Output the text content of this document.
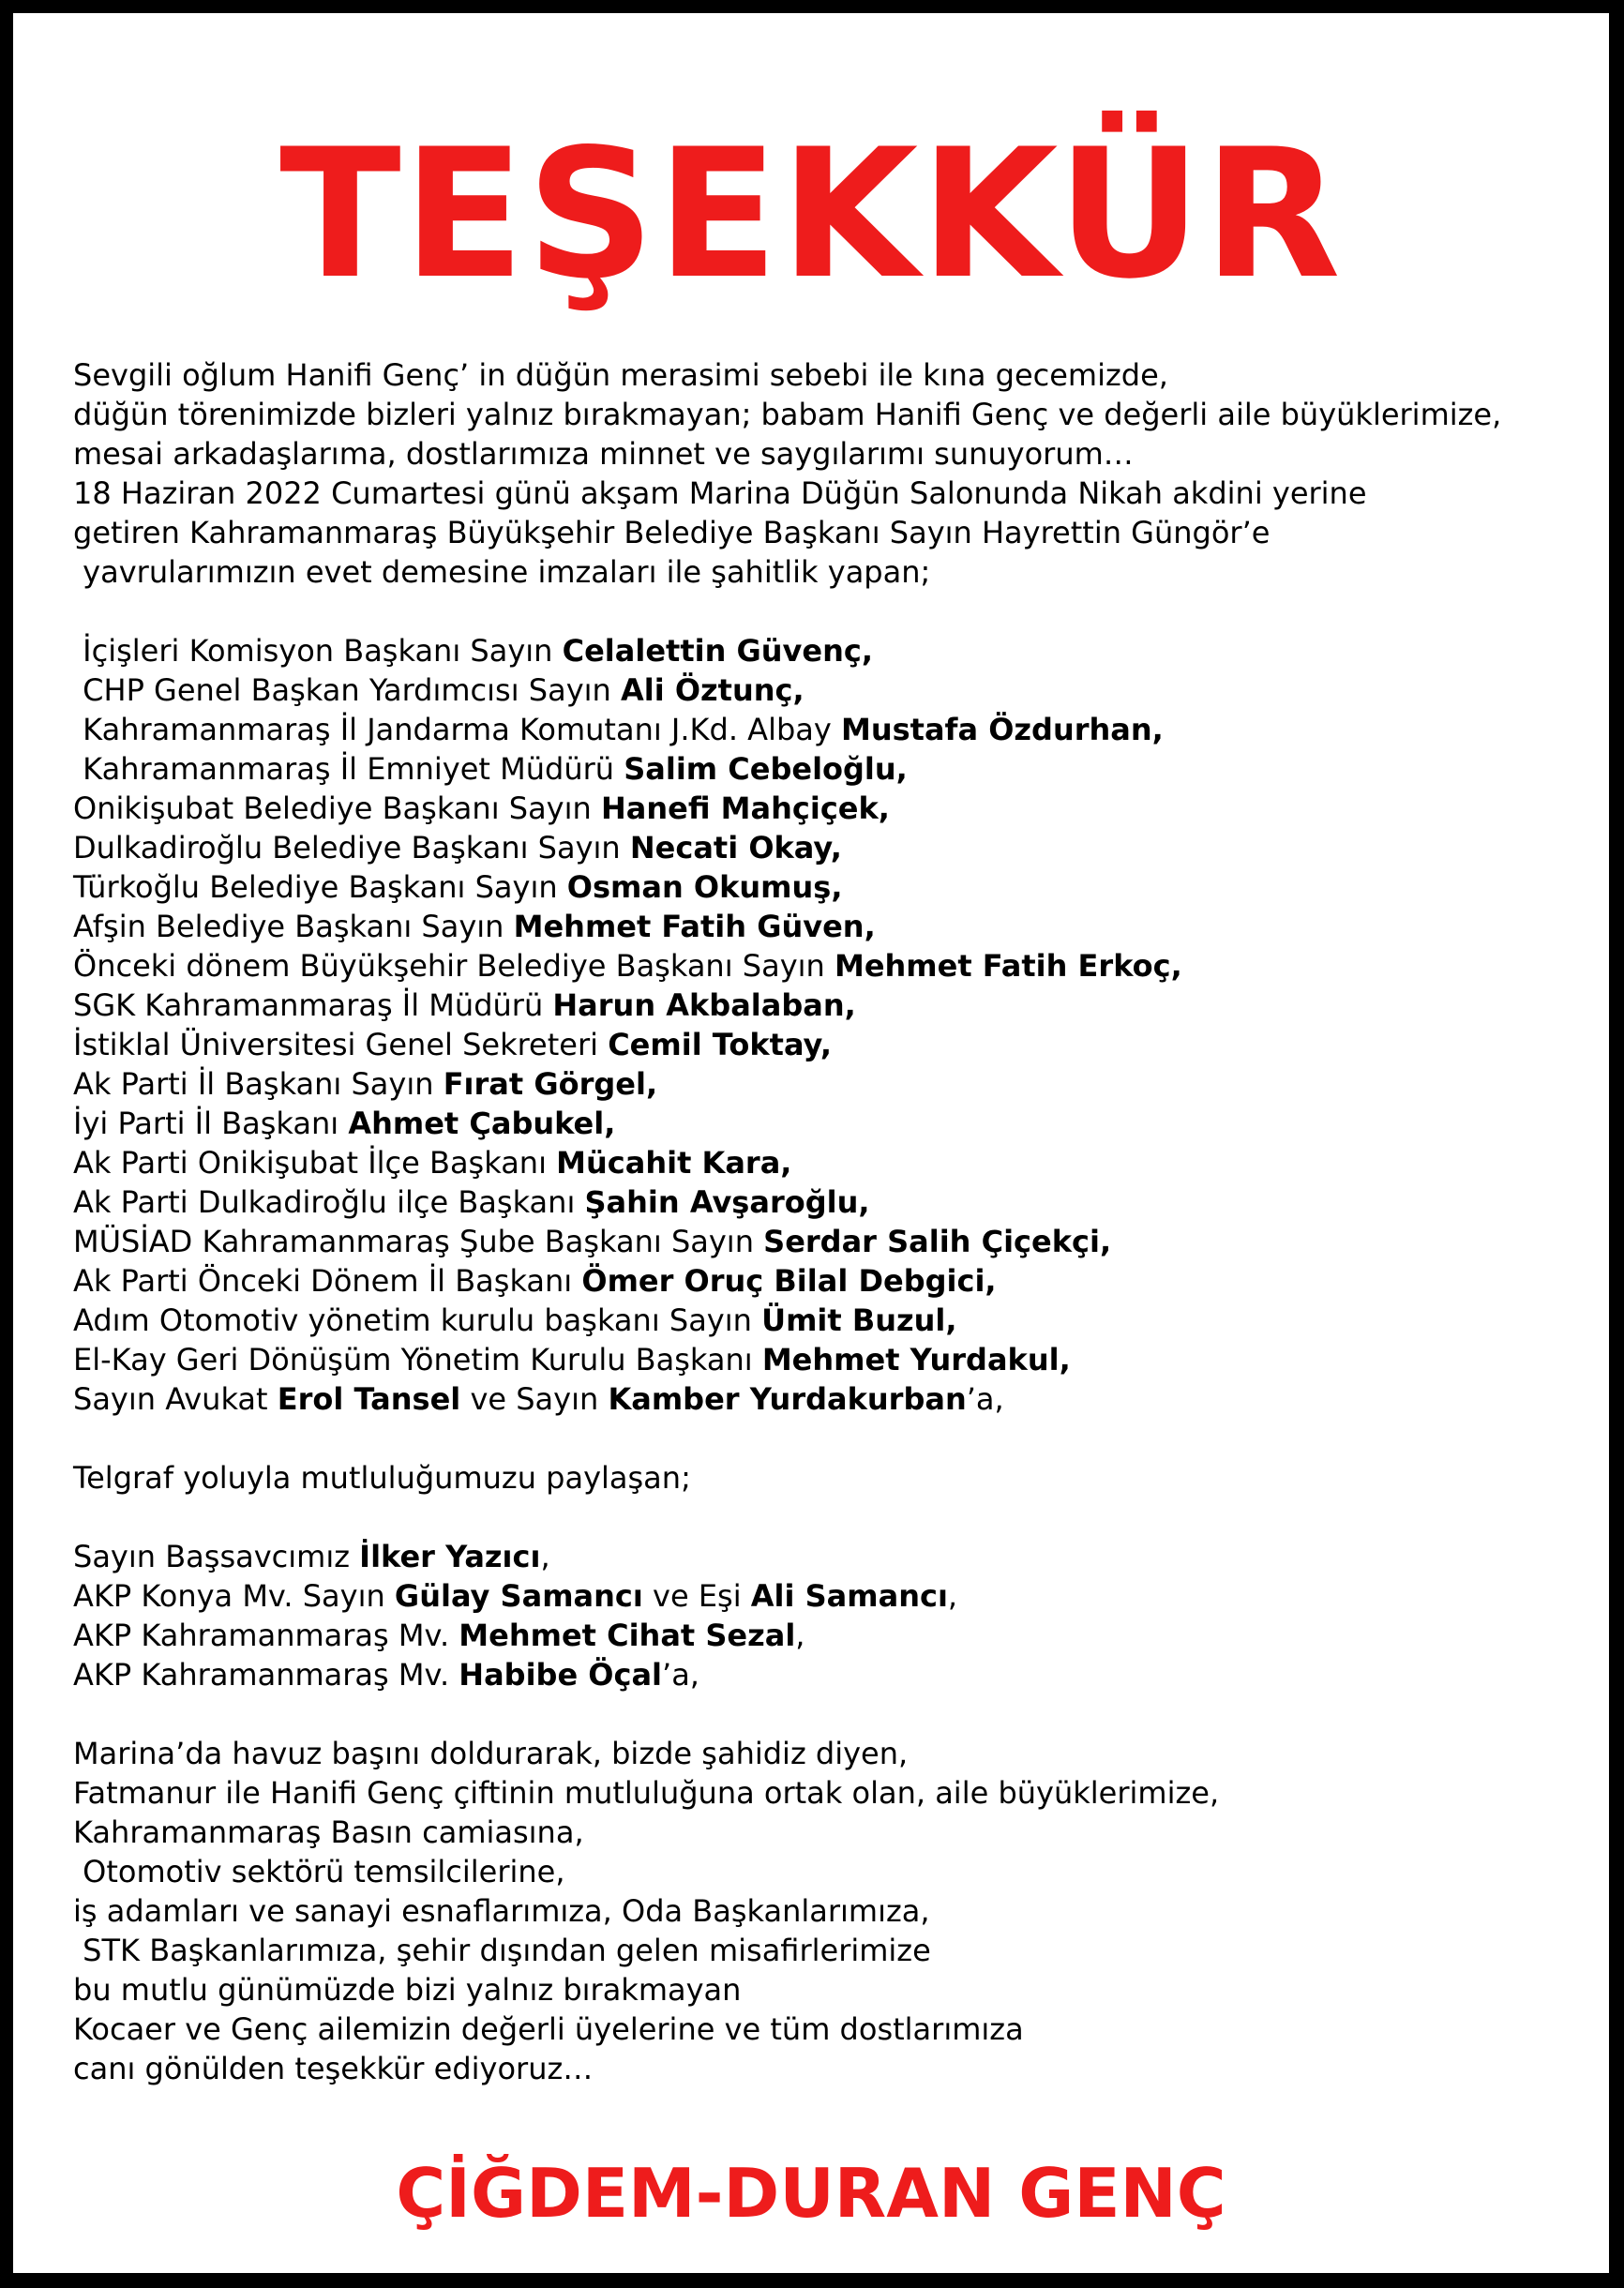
TEŞEKKÜR
Sevgili oğlum Hanifi Genç’ in düğün merasimi sebebi ile kına gecemizde,
düğün törenimizde bizleri yalnız bırakmayan; babam Hanifi Genç ve değerli aile büyüklerimize,
mesai arkadaşlarıma, dostlarımıza minnet ve saygılarımı sunuyorum…
18 Haziran 2022 Cumartesi günü akşam Marina Düğün Salonunda Nikah akdini yerine
getiren Kahramanmaraş Büyükşehir Belediye Başkanı Sayın Hayrettin Güngör’e
yavrularımızın evet demesine imzaları ile şahitlik yapan;
İçişleri Komisyon Başkanı Sayın Celalettin Güvenç,
CHP Genel Başkan Yardımcısı Sayın Ali Öztunç,
Kahramanmaraş İl Jandarma Komutanı J.Kd. Albay Mustafa Özdurhan,
Kahramanmaraş İl Emniyet Müdürü Salim Cebeloğlu,
Onikişubat Belediye Başkanı Sayın Hanefi Mahçiçek,
Dulkadiroğlu Belediye Başkanı Sayın Necati Okay,
Türkoğlu Belediye Başkanı Sayın Osman Okumuş,
Afşin Belediye Başkanı Sayın Mehmet Fatih Güven,
Önceki dönem Büyükşehir Belediye Başkanı Sayın Mehmet Fatih Erkoç,
SGK Kahramanmaraş İl Müdürü Harun Akbalaban,
İstiklal Üniversitesi Genel Sekreteri Cemil Toktay,
Ak Parti İl Başkanı Sayın Fırat Görgel,
İyi Parti İl Başkanı Ahmet Çabukel,
Ak Parti Onikişubat İlçe Başkanı Mücahit Kara,
Ak Parti Dulkadiroğlu ilçe Başkanı Şahin Avşaroğlu,
MÜSİAD Kahramanmaraş Şube Başkanı Sayın Serdar Salih Çiçekçi,
Ak Parti Önceki Dönem İl Başkanı Ömer Oruç Bilal Debgici,
Adım Otomotiv yönetim kurulu başkanı Sayın Ümit Buzul,
El-Kay Geri Dönüşüm Yönetim Kurulu Başkanı Mehmet Yurdakul,
Sayın Avukat Erol Tansel ve Sayın Kamber Yurdakurban’a,
Telgraf yoluyla mutluluğumuzu paylaşan;
Sayın Başsavcımız İlker Yazıcı,
AKP Konya Mv. Sayın Gülay Samancı ve Eşi Ali Samancı,
AKP Kahramanmaraş Mv. Mehmet Cihat Sezal,
AKP Kahramanmaraş Mv. Habibe Öçal’a,
Marina’da havuz başını doldurarak, bizde şahidiz diyen,
Fatmanur ile Hanifi Genç çiftinin mutluluğuna ortak olan, aile büyüklerimize,
Kahramanmaraş Basın camiasına,
Otomotiv sektörü temsilcilerine,
iş adamları ve sanayi esnaflarımıza, Oda Başkanlarımıza,
STK Başkanlarımıza, şehir dışından gelen misafirlerimize
bu mutlu günümüzde bizi yalnız bırakmayan
Kocaer ve Genç ailemizin değerli üyelerine ve tüm dostlarımıza
canı gönülden teşekkür ediyoruz…
ÇİĞDEM-DURAN GENÇ
